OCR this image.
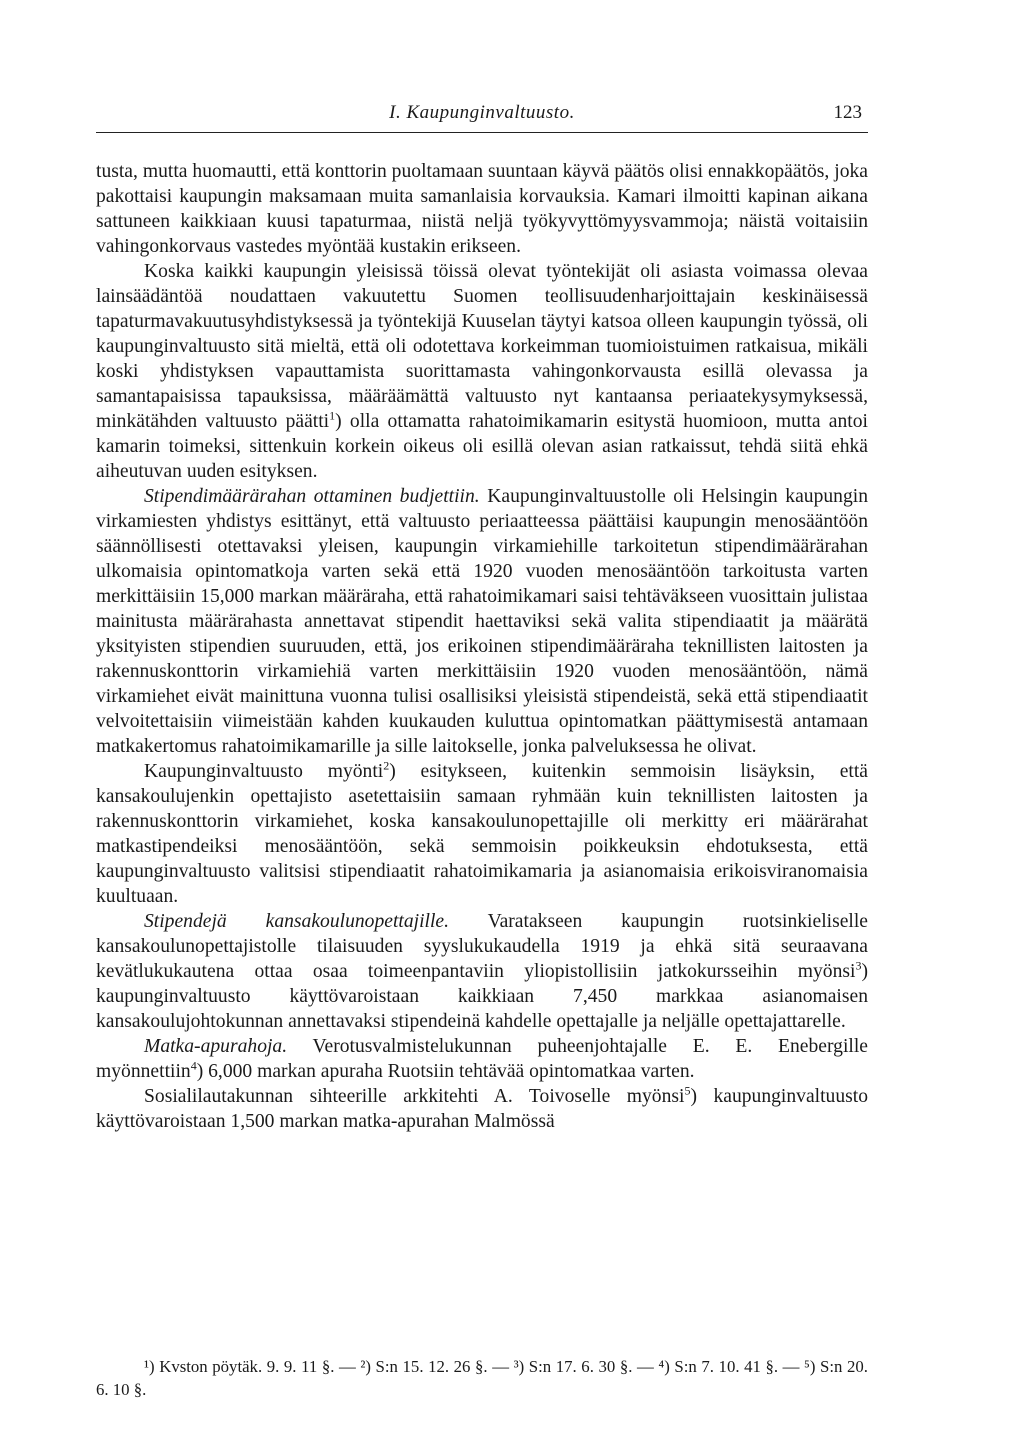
I. Kaupunginvaltuusto.	123

tusta, mutta huomautti, että konttorin puoltamaan suuntaan käyvä päätös olisi ennakkopäätös, joka pakottaisi kaupungin maksamaan muita samanlaisia korvauksia. Kamari ilmoitti kapinan aikana sattuneen kaikkiaan kuusi tapaturmaa, niistä neljä työkyvyttömyysvammoja; näistä voitaisiin vahingonkorvaus vastedes myöntää kustakin erikseen.

Koska kaikki kaupungin yleisissä töissä olevat työntekijät oli asiasta voimassa olevaa lainsäädäntöä noudattaen vakuutettu Suomen teollisuudenharjoittajain keskinäisessä tapaturmavakuutusyhdistyksessä ja työntekijä Kuuselan täytyi katsoa olleen kaupungin työssä, oli kaupunginvaltuusto sitä mieltä, että oli odotettava korkeimman tuomioistuimen ratkaisua, mikäli koski yhdistyksen vapauttamista suorittamasta vahingonkorvausta esillä olevassa ja samantapaisissa tapauksissa, määräämättä valtuusto nyt kantaansa periaatekysymyksessä, minkätähden valtuusto päätti$^1$) olla ottamatta rahatoimikamarin esitystä huomioon, mutta antoi kamarin toimeksi, sittenkuin korkein oikeus oli esillä olevan asian ratkaissut, tehdä siitä ehkä aiheutuvan uuden esityksen.

Stipendimäärärahan ottaminen budjettiin. Kaupunginvaltuustolle oli Helsingin kaupungin virkamiesten yhdistys esittänyt, että valtuusto periaatteessa päättäisi kaupungin menosääntöön säännöllisesti otettavaksi yleisen, kaupungin virkamiehille tarkoitetun stipendimäärärahan ulkomaisia opintomatkoja varten sekä että 1920 vuoden menosääntöön tarkoitusta varten merkittäisiin 15,000 markan määräraha, että rahatoimikamari saisi tehtäväkseen vuosittain julistaa mainitusta määrärahasta annettavat stipendit haettaviksi sekä valita stipendiaatit ja määrätä yksityisten stipendien suuruuden, että, jos erikoinen stipendimääräraha teknillisten laitosten ja rakennuskonttorin virkamiehiä varten merkittäisiin 1920 vuoden menosääntöön, nämä virkamiehet eivät mainittuna vuonna tulisi osallisiksi yleisistä stipendeistä, sekä että stipendiaatit velvoitettaisiin viimeistään kahden kuukauden kuluttua opintomatkan päättymisestä antamaan matkakertomus rahatoimikamarille ja sille laitokselle, jonka palveluksessa he olivat.

Kaupunginvaltuusto myönti$^2$) esitykseen, kuitenkin semmoisin lisäyksin, että kansakoulujenkin opettajisto asetettaisiin samaan ryhmään kuin teknillisten laitosten ja rakennuskonttorin virkamiehet, koska kansakoulunopettajille oli merkitty eri määrärahat matkastipendeiksi menosääntöön, sekä semmoisin poikkeuksin ehdotuksesta, että kaupunginvaltuusto valitsisi stipendiaatit rahatoimikamaria ja asianomaisia erikoisviranomaisia kuultuaan.

Stipendejä kansakoulunopettajille. Varatakseen kaupungin ruotsinkieliselle kansakoulunopettajistolle tilaisuuden syyslukukaudella 1919 ja ehkä sitä seuraavana kevätlukukautena ottaa osaa toimeenpantaviin yliopistollisiin jatkokursseihin myönsi$^3$) kaupunginvaltuusto käyttövaroistaan kaikkiaan 7,450 markkaa asianomaisen kansakoulujohtokunnan annettavaksi stipendeinä kahdelle opettajalle ja neljälle opettajattarelle.

Matka-apurahoja. Verotusvalmistelukunnan puheenjohtajalle E. E. Enebergille myönnettiin$^4$) 6,000 markan apuraha Ruotsiin tehtävää opintomatkaa varten.

Sosialilautakunnan sihteerille arkkitehti A. Toivoselle myönsi$^5$) kaupunginvaltuusto käyttövaroistaan 1,500 markan matka-apurahan Malmössä

¹) Kvston pöytäk. 9. 9. 11 §. — ²) S:n 15. 12. 26 §. — ³) S:n 17. 6. 30 §. — ⁴) S:n 7. 10. 41 §. — ⁵) S:n 20. 6. 10 §.
